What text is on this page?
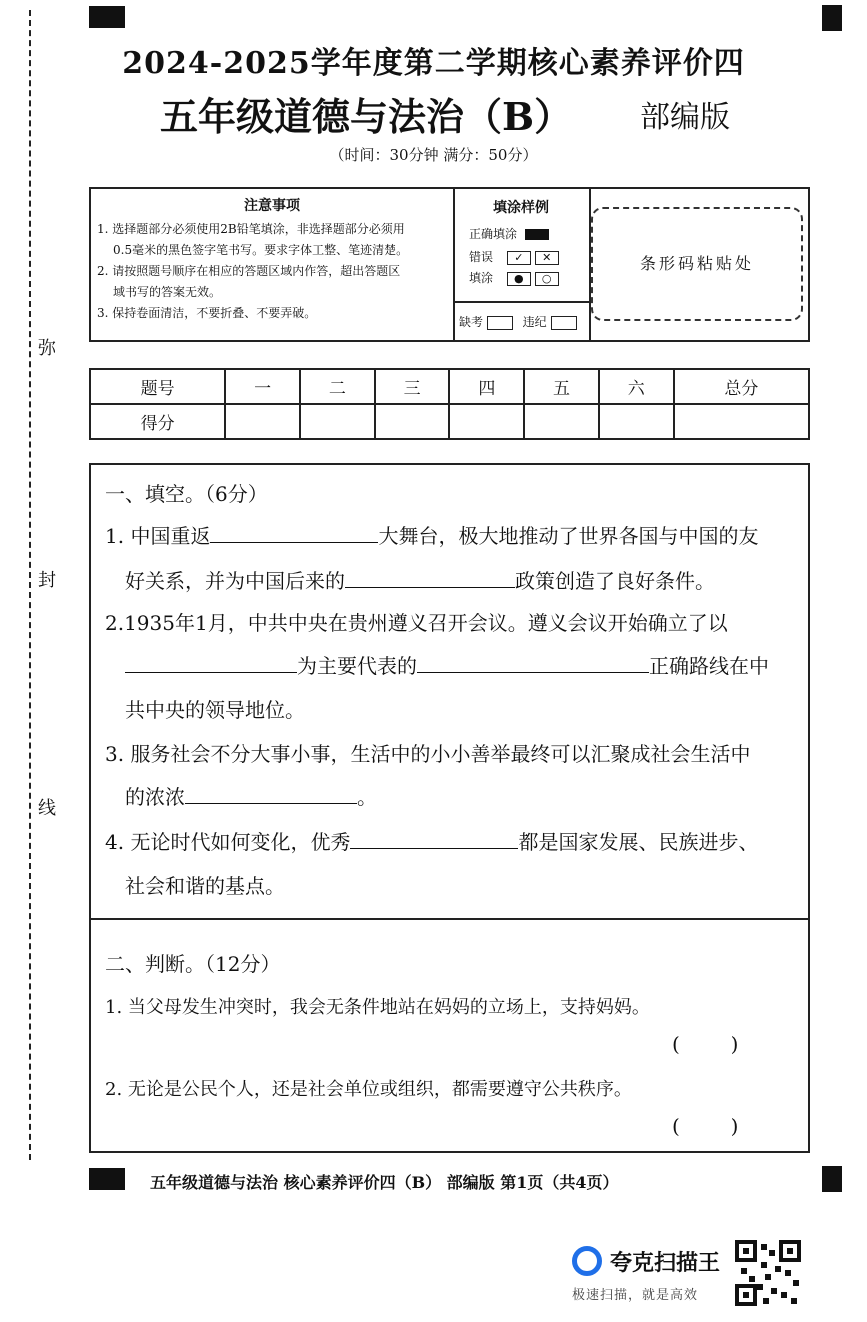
弥
封
线
2024-2025学年度第二学期核心素养评价四
五年级道德与法治（B） 部编版
（时间：30分钟 满分：50分）
注意事项
1. 选择题部分必须使用2B铅笔填涂，非选择题部分必须用
0.5毫米的黑色签字笔书写。要求字体工整、笔迹清楚。
2. 请按照题号顺序在相应的答题区域内作答，超出答题区
域书写的答案无效。
3. 保持卷面清洁，不要折叠、不要弄破。
填涂样例
正确填涂
错误 ✓ ✕
填涂 ● ○
缺考	违纪
条形码粘贴处
题号	一	二	三	四	五	六	总分
得分							
一、填空。（6分）
1. 中国重返	大舞台，极大地推动了世界各国与中国的友
好关系，并为中国后来的	政策创造了良好条件。
2.1935年1月，中共中央在贵州遵义召开会议。遵义会议开始确立了以
为主要代表的	正确路线在中
共中央的领导地位。
3. 服务社会不分大事小事，生活中的小小善举最终可以汇聚成社会生活中
的浓浓	。
4. 无论时代如何变化，优秀	都是国家发展、民族进步、
社会和谐的基点。
二、判断。（12分）
1. 当父母发生冲突时，我会无条件地站在妈妈的立场上，支持妈妈。
(        )
2. 无论是公民个人，还是社会单位或组织，都需要遵守公共秩序。
(        )
五年级道德与法治 核心素养评价四（B） 部编版 第1页（共4页）
夸克扫描王
极速扫描，就是高效
